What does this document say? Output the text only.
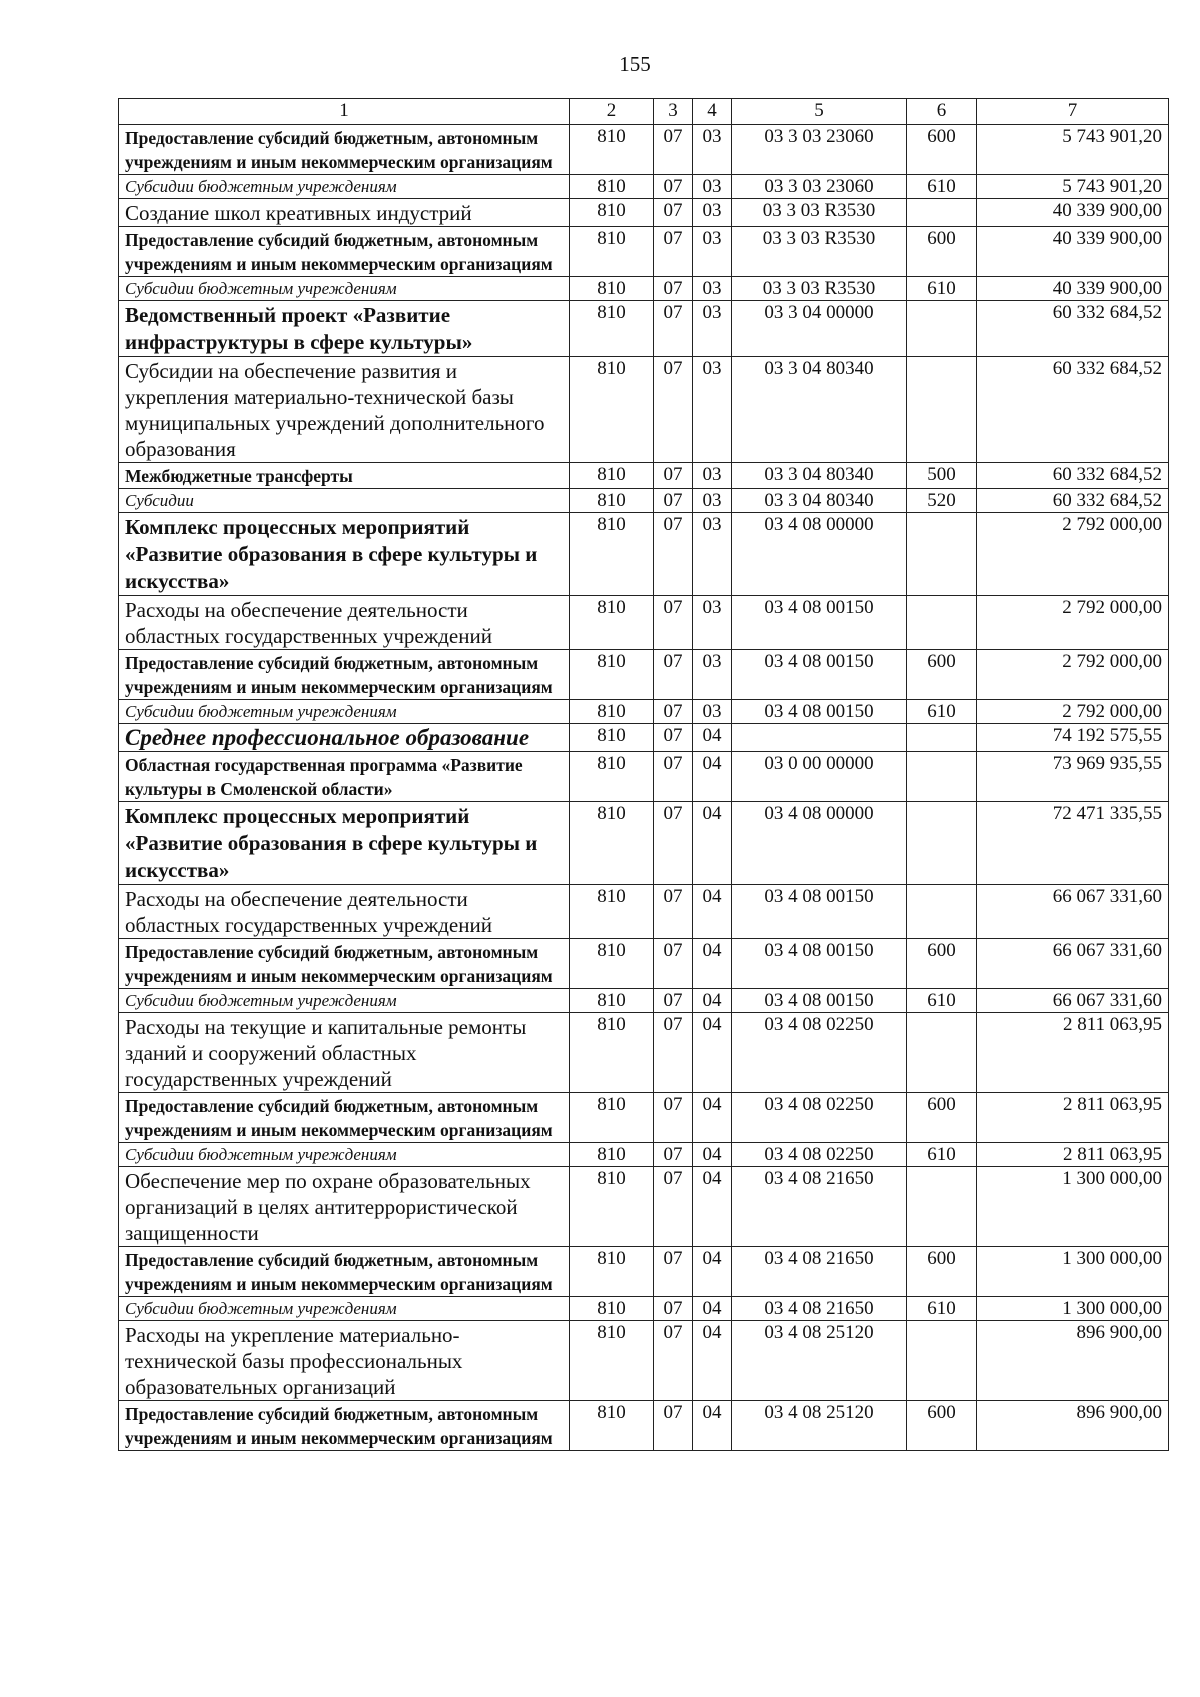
155
1	2	3	4	5	6	7
Предоставление субсидий бюджетным, автономным учреждениям и иным некоммерческим организациям	810	07	03	03 3 03 23060	600	5 743 901,20
Субсидии бюджетным учреждениям	810	07	03	03 3 03 23060	610	5 743 901,20
Создание школ креативных индустрий	810	07	03	03 3 03 R3530		40 339 900,00
Предоставление субсидий бюджетным, автономным учреждениям и иным некоммерческим организациям	810	07	03	03 3 03 R3530	600	40 339 900,00
Субсидии бюджетным учреждениям	810	07	03	03 3 03 R3530	610	40 339 900,00
Ведомственный проект «Развитие инфраструктуры в сфере культуры»	810	07	03	03 3 04 00000		60 332 684,52
Субсидии на обеспечение развития и укрепления материально-технической базы муниципальных учреждений дополнительного образования	810	07	03	03 3 04 80340		60 332 684,52
Межбюджетные трансферты	810	07	03	03 3 04 80340	500	60 332 684,52
Субсидии	810	07	03	03 3 04 80340	520	60 332 684,52
Комплекс процессных мероприятий «Развитие образования в сфере культуры и искусства»	810	07	03	03 4 08 00000		2 792 000,00
Расходы на обеспечение деятельности областных государственных учреждений	810	07	03	03 4 08 00150		2 792 000,00
Предоставление субсидий бюджетным, автономным учреждениям и иным некоммерческим организациям	810	07	03	03 4 08 00150	600	2 792 000,00
Субсидии бюджетным учреждениям	810	07	03	03 4 08 00150	610	2 792 000,00
Среднее профессиональное образование	810	07	04			74 192 575,55
Областная государственная программа «Развитие культуры в Смоленской области»	810	07	04	03 0 00 00000		73 969 935,55
Комплекс процессных мероприятий «Развитие образования в сфере культуры и искусства»	810	07	04	03 4 08 00000		72 471 335,55
Расходы на обеспечение деятельности областных государственных учреждений	810	07	04	03 4 08 00150		66 067 331,60
Предоставление субсидий бюджетным, автономным учреждениям и иным некоммерческим организациям	810	07	04	03 4 08 00150	600	66 067 331,60
Субсидии бюджетным учреждениям	810	07	04	03 4 08 00150	610	66 067 331,60
Расходы на текущие и капитальные ремонты зданий и сооружений областных государственных учреждений	810	07	04	03 4 08 02250		2 811 063,95
Предоставление субсидий бюджетным, автономным учреждениям и иным некоммерческим организациям	810	07	04	03 4 08 02250	600	2 811 063,95
Субсидии бюджетным учреждениям	810	07	04	03 4 08 02250	610	2 811 063,95
Обеспечение мер по охране образовательных организаций в целях антитеррористической защищенности	810	07	04	03 4 08 21650		1 300 000,00
Предоставление субсидий бюджетным, автономным учреждениям и иным некоммерческим организациям	810	07	04	03 4 08 21650	600	1 300 000,00
Субсидии бюджетным учреждениям	810	07	04	03 4 08 21650	610	1 300 000,00
Расходы на укрепление материально-технической базы профессиональных образовательных организаций	810	07	04	03 4 08 25120		896 900,00
Предоставление субсидий бюджетным, автономным учреждениям и иным некоммерческим организациям	810	07	04	03 4 08 25120	600	896 900,00
